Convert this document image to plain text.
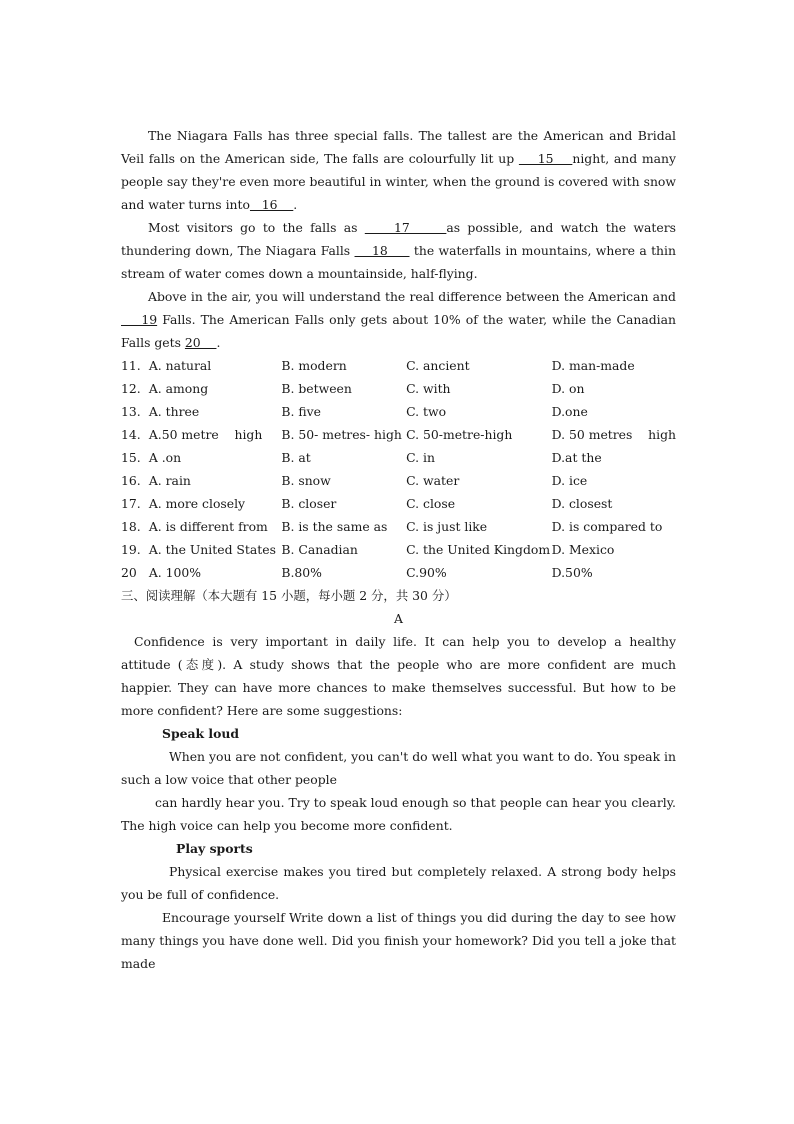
The Niagara Falls has three special falls. The tallest are the American and Bridal Veil falls on the American side, The falls are colourfully lit up     15    night, and many people say they're even more beautiful in winter, when the ground is covered with snow and water turns into   16    .

Most visitors go to the falls as     17     as possible, and watch the waters thundering down, The Niagara Falls     18      the waterfalls in mountains, where a thin stream of water comes down a mountainside, half-flying.

Above in the air, you will understand the real difference between the American and     19 Falls. The American Falls only gets about 10% of the water, while the Canadian Falls gets 20    .

11.	A. natural	B. modern	C. ancient	D. man-made
12.	A. among	B. between	C. with	D. on
13.	A. three	B. five	C. two	D.one
14.	A.50 metre    high	B. 50- metres- high	C. 50-metre-high	D. 50 metres    high
15.	A .on	B. at	C. in	D.at the
16.	A. rain	B. snow	C. water	D. ice
17.	A. more closely	B. closer	C. close	D. closest
18.	A. is different from	B. is the same as	C. is just like	D. is compared to
19.	A. the United States	B. Canadian	C. the United Kingdom	D. Mexico
20	A. 100%	B.80%	C.90%	D.50%

三、阅读理解（本大题有 15 小题，每小题 2 分，共 30 分）

A

Confidence is very important in daily life. It can help you to develop a healthy attitude (态度). A study shows that the people who are more confident are much happier. They can have more chances to make themselves successful. But how to be more confident? Here are some suggestions:

Speak loud

When you are not confident, you can't do well what you want to do. You speak in such a low voice that other people

can hardly hear you. Try to speak loud enough so that people can hear you clearly. The high voice can help you become more confident.

Play sports

Physical exercise makes you tired but completely relaxed. A strong body helps you be full of confidence.

Encourage yourself Write down a list of things you did during the day to see how many things you have done well. Did you finish your homework? Did you tell a joke that made
